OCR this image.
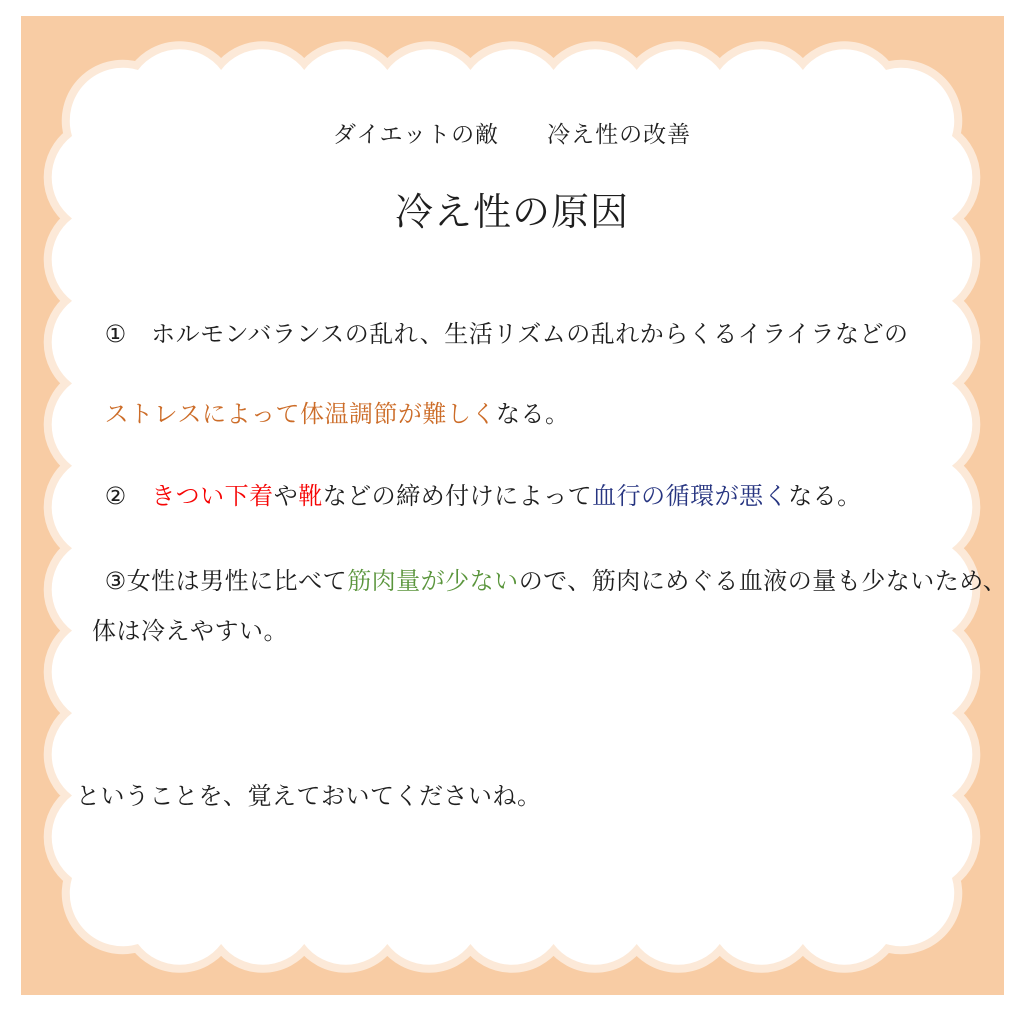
ダイエットの敵　　冷え性の改善
冷え性の原因

①　ホルモンバランスの乱れ、生活リズムの乱れからくるイライラなどの

ストレスによって体温調節が難しくなる。

②　きつい下着や靴などの締め付けによって血行の循環が悪くなる。

③女性は男性に比べて筋肉量が少ないので、筋肉にめぐる血液の量も少ないため、

体は冷えやすい。
ということを、覚えておいてくださいね。
